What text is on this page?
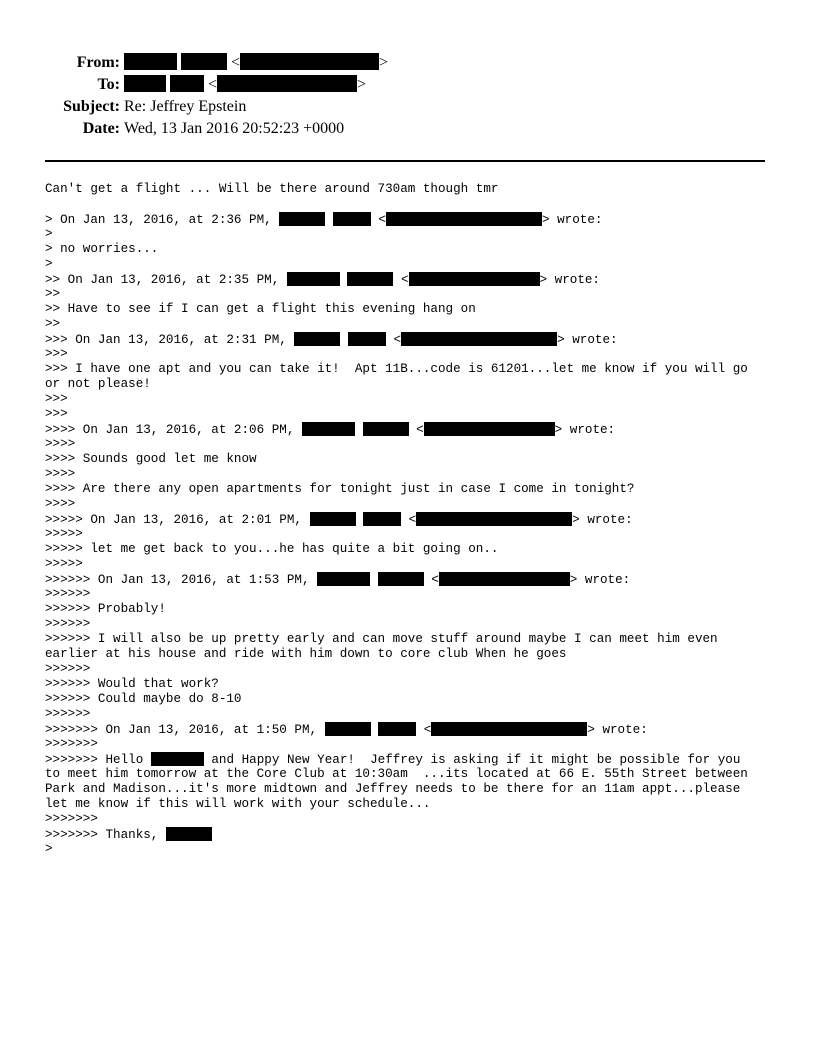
From:	<	>
To:	<	>
Subject: Re: Jeffrey Epstein
Date: Wed, 13 Jan 2016 20:52:23 +0000
Can't get a flight ... Will be there around 730am though tmr
> On Jan 13, 2016, at 2:36 PM,	<	> wrote:
>
> no worries...
>
>> On Jan 13, 2016, at 2:35 PM,	<	> wrote:
>>
>> Have to see if I can get a flight this evening hang on
>>
>>> On Jan 13, 2016, at 2:31 PM,	<	> wrote:
>>>
>>> I have one apt and you can take it!  Apt 11B...code is 61201...let me know if you will go
or not please!
>>>
>>>
>>>> On Jan 13, 2016, at 2:06 PM,	<	> wrote:
>>>>
>>>> Sounds good let me know
>>>>
>>>> Are there any open apartments for tonight just in case I come in tonight?
>>>>
>>>>> On Jan 13, 2016, at 2:01 PM,	<	> wrote:
>>>>>
>>>>> let me get back to you...he has quite a bit going on..
>>>>>
>>>>>> On Jan 13, 2016, at 1:53 PM,	<	> wrote:
>>>>>>
>>>>>> Probably!
>>>>>>
>>>>>> I will also be up pretty early and can move stuff around maybe I can meet him even
earlier at his house and ride with him down to core club When he goes
>>>>>>
>>>>>> Would that work?
>>>>>> Could maybe do 8-10
>>>>>>
>>>>>>> On Jan 13, 2016, at 1:50 PM,	<	> wrote:
>>>>>>>
>>>>>>> Hello	and Happy New Year!  Jeffrey is asking if it might be possible for you
to meet him tomorrow at the Core Club at 10:30am  ...its located at 66 E. 55th Street between
Park and Madison...it's more midtown and Jeffrey needs to be there for an 11am appt...please
let me know if this will work with your schedule...
>>>>>>>
>>>>>>> Thanks,
>
